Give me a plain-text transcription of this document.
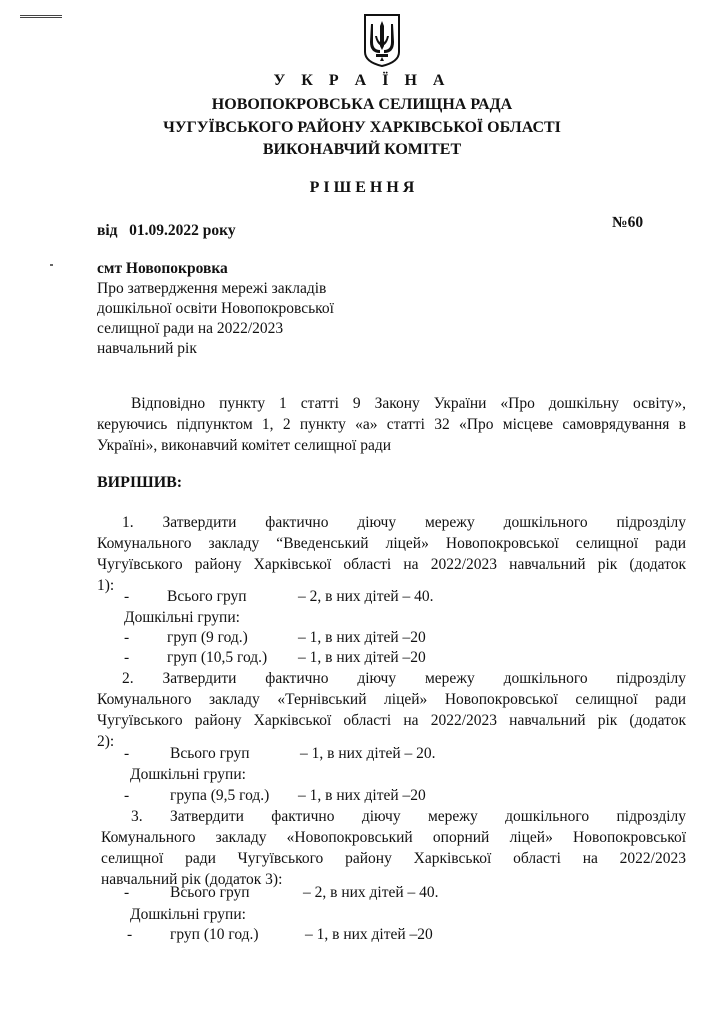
У К Р А Ї Н А
НОВОПОКРОВСЬКА СЕЛИЩНА РАДА
ЧУГУЇВСЬКОГО РАЙОНУ ХАРКІВСЬКОЇ ОБЛАСТІ
ВИКОНАВЧИЙ КОМІТЕТ
Р І Ш Е Н Н Я
від 01.09.2022 року	№60
смт Новопокровка
Про затвердження мережі закладів
дошкільної освіти Новопокровської
селищної ради на 2022/2023
навчальний рік
Відповідно пункту 1 статті 9 Закону України «Про дошкільну освіту»,
керуючись підпунктом 1, 2 пункту «а» статті 32 «Про місцеве самоврядування в
Україні», виконавчий комітет селищної ради
ВИРІШИВ:
1. Затвердити фактично діючу мережу дошкільного підрозділу
Комунального закладу “Введенський ліцей» Новопокровської селищної ради
Чугуївського району Харківської області на 2022/2023 навчальний рік (додаток
1):
- Всього груп	– 2, в них дітей – 40.
Дошкільні групи:
- груп (9 год.)	– 1, в них дітей –20
- груп (10,5 год.) – 1, в них дітей –20
2. Затвердити фактично діючу мережу дошкільного підрозділу
Комунального закладу «Тернівський ліцей» Новопокровської селищної ради
Чугуївського району Харківської області на 2022/2023 навчальний рік (додаток
2):
-	Всього груп	– 1, в них дітей – 20.
Дошкільні групи:
-	група (9,5 год.) – 1, в них дітей –20
3. Затвердити фактично діючу мережу дошкільного підрозділу
Комунального закладу «Новопокровський опорний ліцей» Новопокровської
селищної ради Чугуївського району Харківської області на 2022/2023
навчальний рік (додаток 3):
-	Всього груп	– 2, в них дітей – 40.
Дошкільні групи:
- груп (10 год.)	– 1, в них дітей –20
